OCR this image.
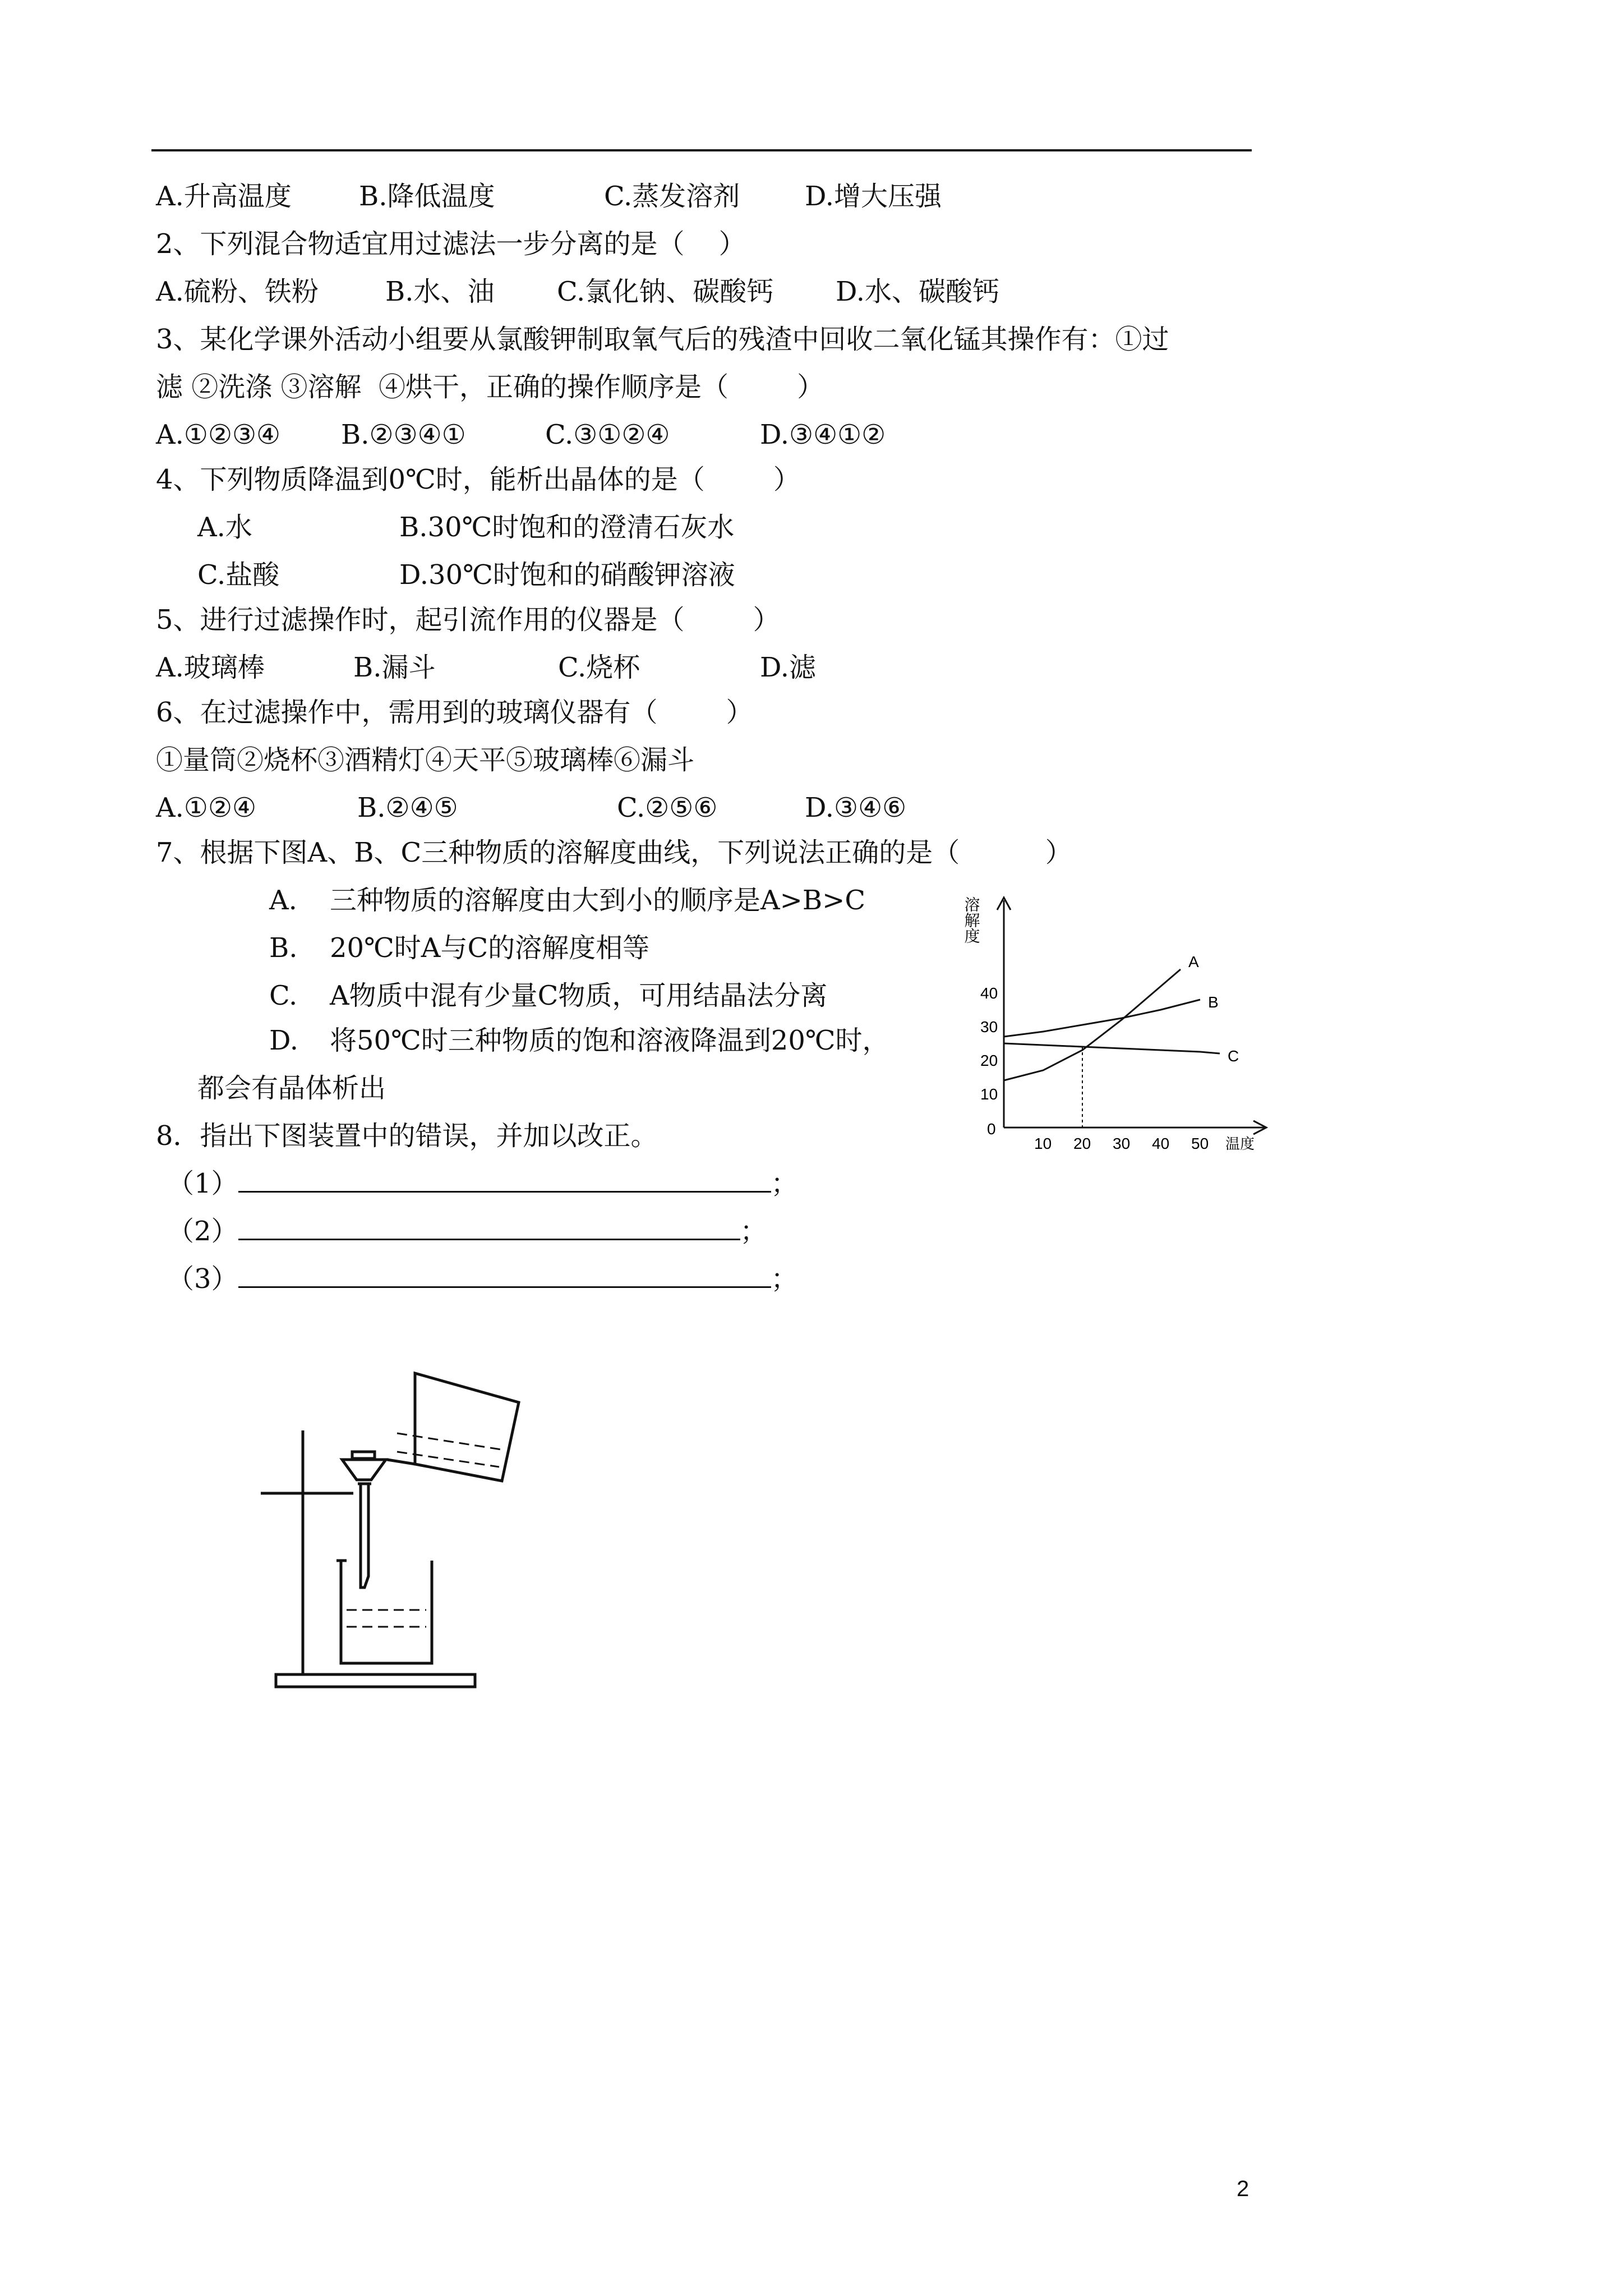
A.升高温度	B.降低温度	C.蒸发溶剂 D.增大压强
2、下列混合物适宜用过滤法一步分离的是（    ）
A.硫粉、铁粉 B.水、油 C.氯化钠、碳酸钙 D.水、碳酸钙
3、某化学课外活动小组要从氯酸钾制取氧气后的残渣中回收二氧化锰其操作有：①过
滤 ②洗涤 ③溶解  ④烘干，正确的操作顺序是（        ）
A.①②③④ B.②③④①	C.③①②④	D.③④①②
4、下列物质降温到0℃时，能析出晶体的是（        ）
A.水	B.30℃时饱和的澄清石灰水
C.盐酸	D.30℃时饱和的硝酸钾溶液
5、进行过滤操作时，起引流作用的仪器是（        ）
A.玻璃棒	B.漏斗	C.烧杯	D.滤
6、在过滤操作中，需用到的玻璃仪器有（        ）
①量筒②烧杯③酒精灯④天平⑤玻璃棒⑥漏斗
A.①②④	B.②④⑤	C.②⑤⑥	D.③④⑥
7、根据下图A、B、C三种物质的溶解度曲线，下列说法正确的是（          ）
A. 三种物质的溶解度由大到小的顺序是A>B>C
B. 20℃时A与C的溶解度相等
C. A物质中混有少量C物质，可用结晶法分离
D. 将50℃时三种物质的饱和溶液降温到20℃时，
都会有晶体析出
溶解度
温度
0
10 20 30 40 50
10
20
30
40
A
B
C
8．指出下图装置中的错误，并加以改正。
（1）	；
（2）	；
（3）	；
2
